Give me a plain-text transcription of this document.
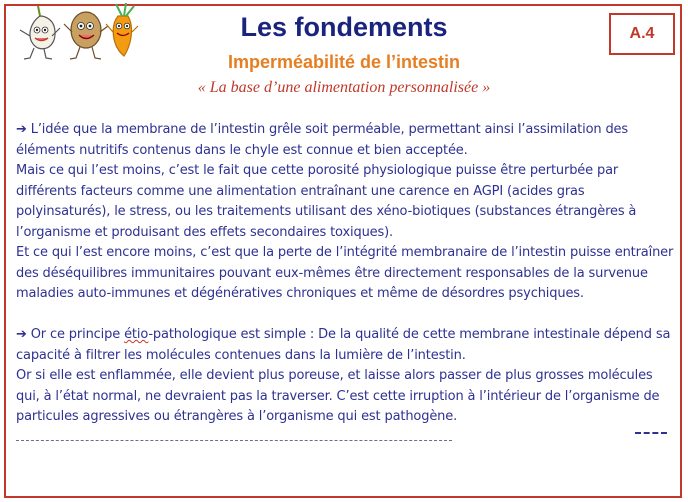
Les fondements
Imperméabilité de l’intestin
« La base d’une alimentation personnalisée »
A.4

➔ L’idée que la membrane de l’intestin grêle soit perméable, permettant ainsi l’assimilation des éléments nutritifs contenus dans le chyle est connue et bien acceptée.

Mais ce qui l’est moins, c’est le fait que cette porosité physiologique puisse être perturbée par différents facteurs comme une alimentation entraînant une carence en AGPI (acides gras polyinsaturés), le stress, ou les traitements utilisant des xéno-biotiques (substances étrangères à l’organisme et produisant des effets secondaires toxiques).

Et ce qui l’est encore moins, c’est que la perte de l’intégrité membranaire de l’intestin puisse entraîner des déséquilibres immunitaires pouvant eux-mêmes être directement responsables de la survenue maladies auto-immunes et dégénératives chroniques et même de désordres psychiques.

➔ Or ce principe étio-pathologique est simple : De la qualité de cette membrane intestinale dépend sa capacité à filtrer les molécules contenues dans la lumière de l’intestin.

Or si elle est enflammée, elle devient plus poreuse, et laisse alors passer de plus grosses molécules qui, à l’état normal, ne devraient pas la traverser. C’est cette irruption à l’intérieur de l’organisme de particules agressives ou étrangères à l’organisme qui est pathogène.
